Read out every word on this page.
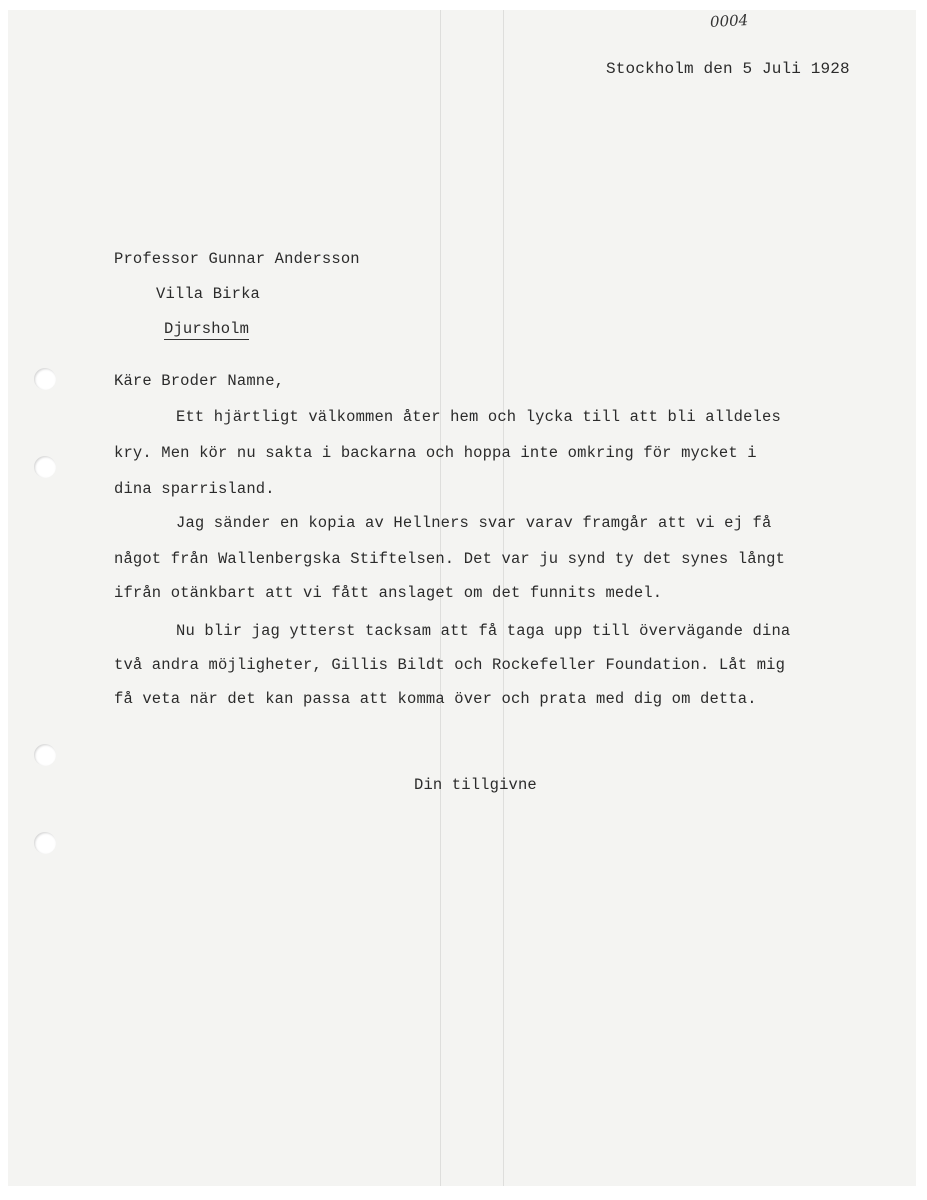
0004
Stockholm den 5 Juli 1928
Professor Gunnar Andersson
Villa Birka
Djursholm
Käre Broder Namne,
Ett hjärtligt välkommen åter hem och lycka till att bli alldeles
kry. Men kör nu sakta i backarna och hoppa inte omkring för mycket i
dina sparrisland.
Jag sänder en kopia av Hellners svar varav framgår att vi ej få
något från Wallenbergska Stiftelsen. Det var ju synd ty det synes långt
ifrån otänkbart att vi fått anslaget om det funnits medel.
Nu blir jag ytterst tacksam att få taga upp till övervägande dina
två andra möjligheter, Gillis Bildt och Rockefeller Foundation. Låt mig
få veta när det kan passa att komma över och prata med dig om detta.
Din tillgivne
